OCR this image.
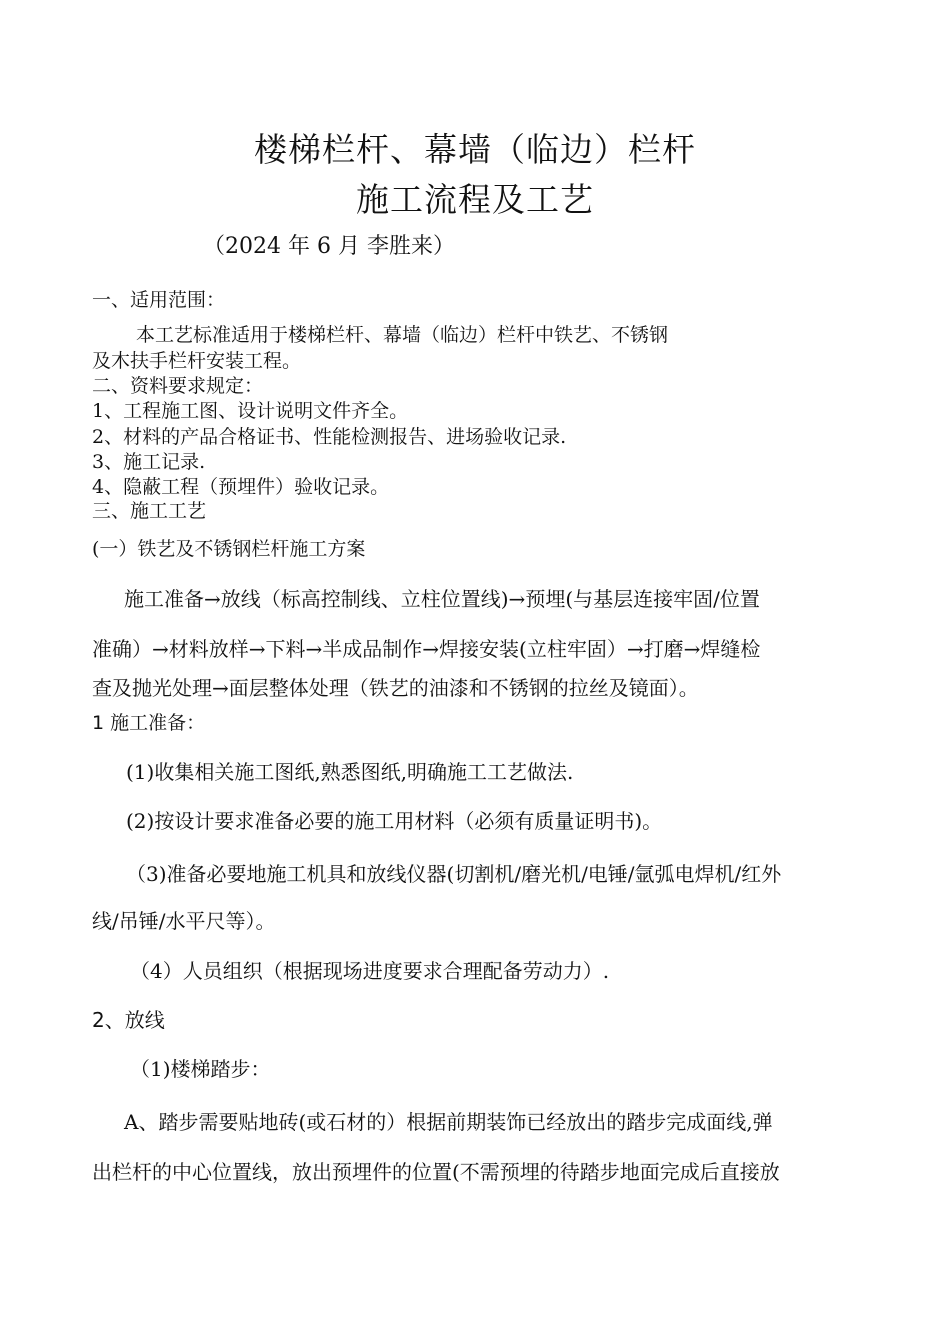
楼梯栏杆、幕墙（临边）栏杆
施工流程及工艺
（2024 年 6 月 李胜来）
一、适用范围：
本工艺标准适用于楼梯栏杆、幕墙（临边）栏杆中铁艺、不锈钢
及木扶手栏杆安装工程。
二、资料要求规定：
1、工程施工图、设计说明文件齐全。
2、材料的产品合格证书、性能检测报告、进场验收记录.
3、施工记录.
4、隐蔽工程（预埋件）验收记录。
三、施工工艺
(一）铁艺及不锈钢栏杆施工方案
施工准备→放线（标高控制线、立柱位置线)→预埋(与基层连接牢固/位置
准确）→材料放样→下料→半成品制作→焊接安装(立柱牢固）→打磨→焊缝检
查及抛光处理→面层整体处理（铁艺的油漆和不锈钢的拉丝及镜面）。
1 施工准备：
(1)收集相关施工图纸,熟悉图纸,明确施工工艺做法.
(2)按设计要求准备必要的施工用材料（必须有质量证明书)。
（3)准备必要地施工机具和放线仪器(切割机/磨光机/电锤/氩弧电焊机/红外
线/吊锤/水平尺等）。
（4）人员组织（根据现场进度要求合理配备劳动力）.
2、放线
（1)楼梯踏步：
A、踏步需要贴地砖(或石材的）根据前期装饰已经放出的踏步完成面线,弹
出栏杆的中心位置线，放出预埋件的位置(不需预埋的待踏步地面完成后直接放
